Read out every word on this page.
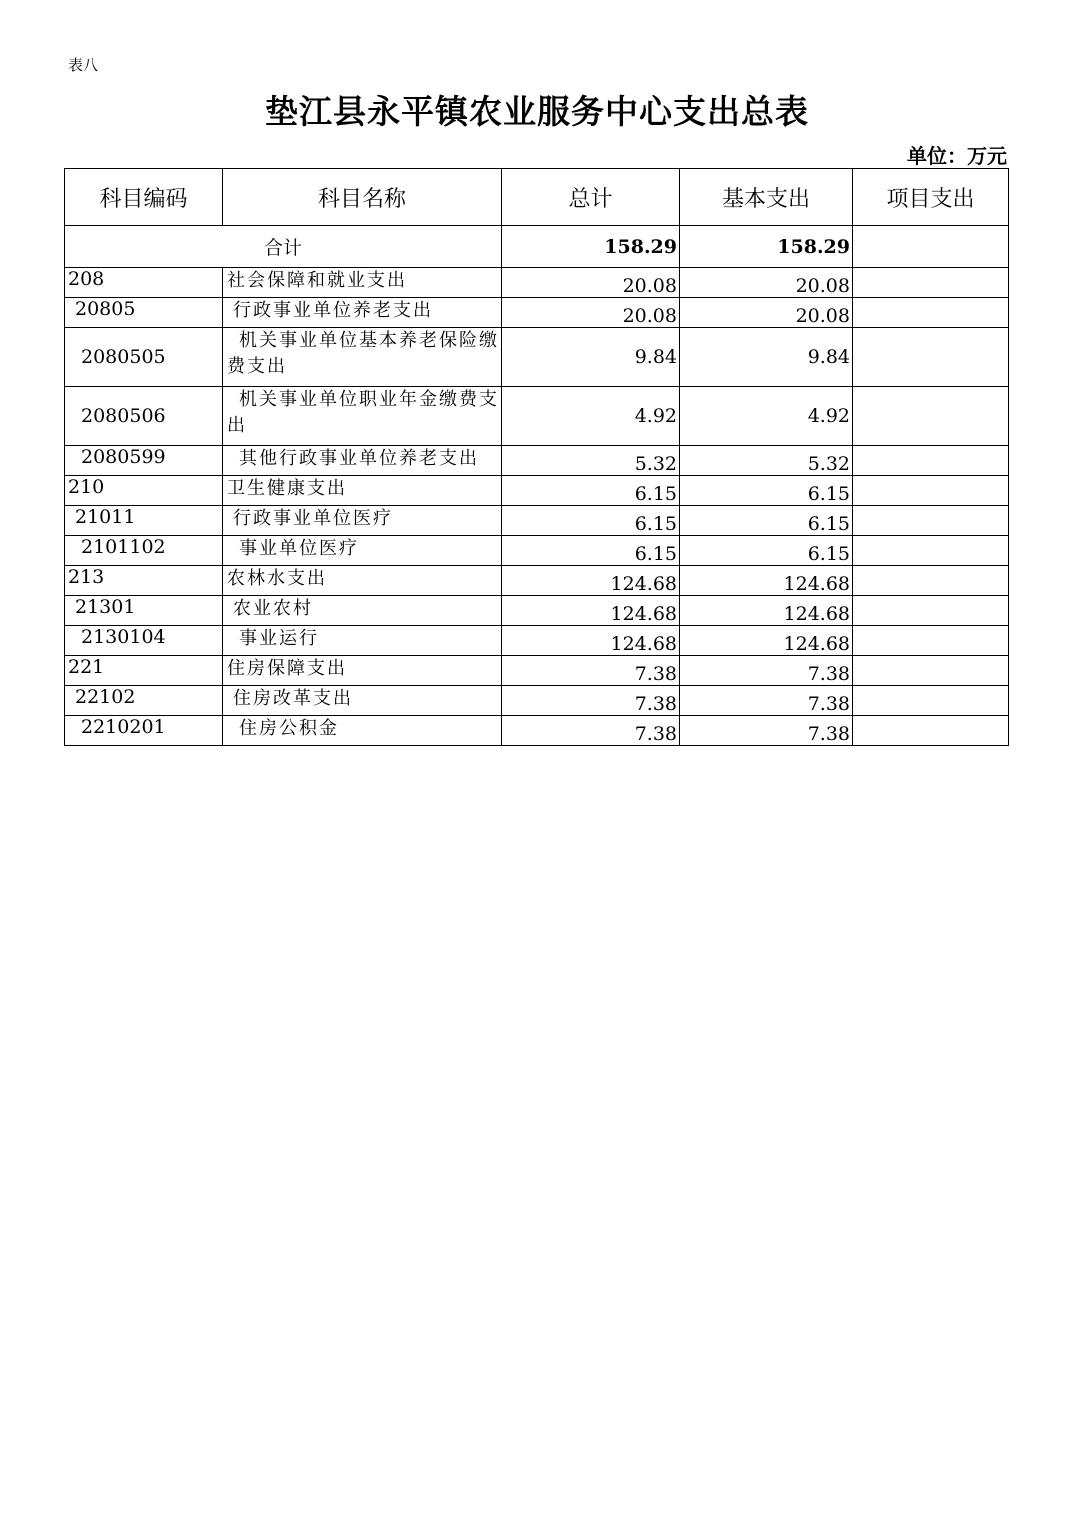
表八
垫江县永平镇农业服务中心支出总表
单位：万元
科目编码	科目名称	总计	基本支出	项目支出
合计		158.29	158.29	
208	社会保障和就业支出	20.08	20.08	
20805	行政事业单位养老支出	20.08	20.08	
2080505	机关事业单位基本养老保险缴费支出	9.84	9.84	
2080506	机关事业单位职业年金缴费支出	4.92	4.92	
2080599	其他行政事业单位养老支出	5.32	5.32	
210	卫生健康支出	6.15	6.15	
21011	行政事业单位医疗	6.15	6.15	
2101102	事业单位医疗	6.15	6.15	
213	农林水支出	124.68	124.68	
21301	农业农村	124.68	124.68	
2130104	事业运行	124.68	124.68	
221	住房保障支出	7.38	7.38	
22102	住房改革支出	7.38	7.38	
2210201	住房公积金	7.38	7.38	
